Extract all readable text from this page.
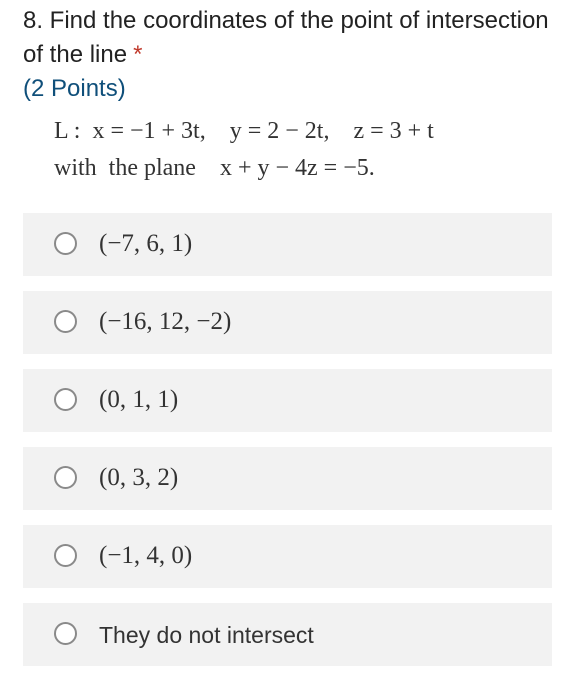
8. Find the coordinates of the point of intersection of the line *
(2 Points)
L :  x = −1 + 3t,    y = 2 − 2t,    z = 3 + t
with  the plane    x + y − 4z = −5.
(−7, 6, 1)
(−16, 12, −2)
(0, 1, 1)
(0, 3, 2)
(−1, 4, 0)
They do not intersect
